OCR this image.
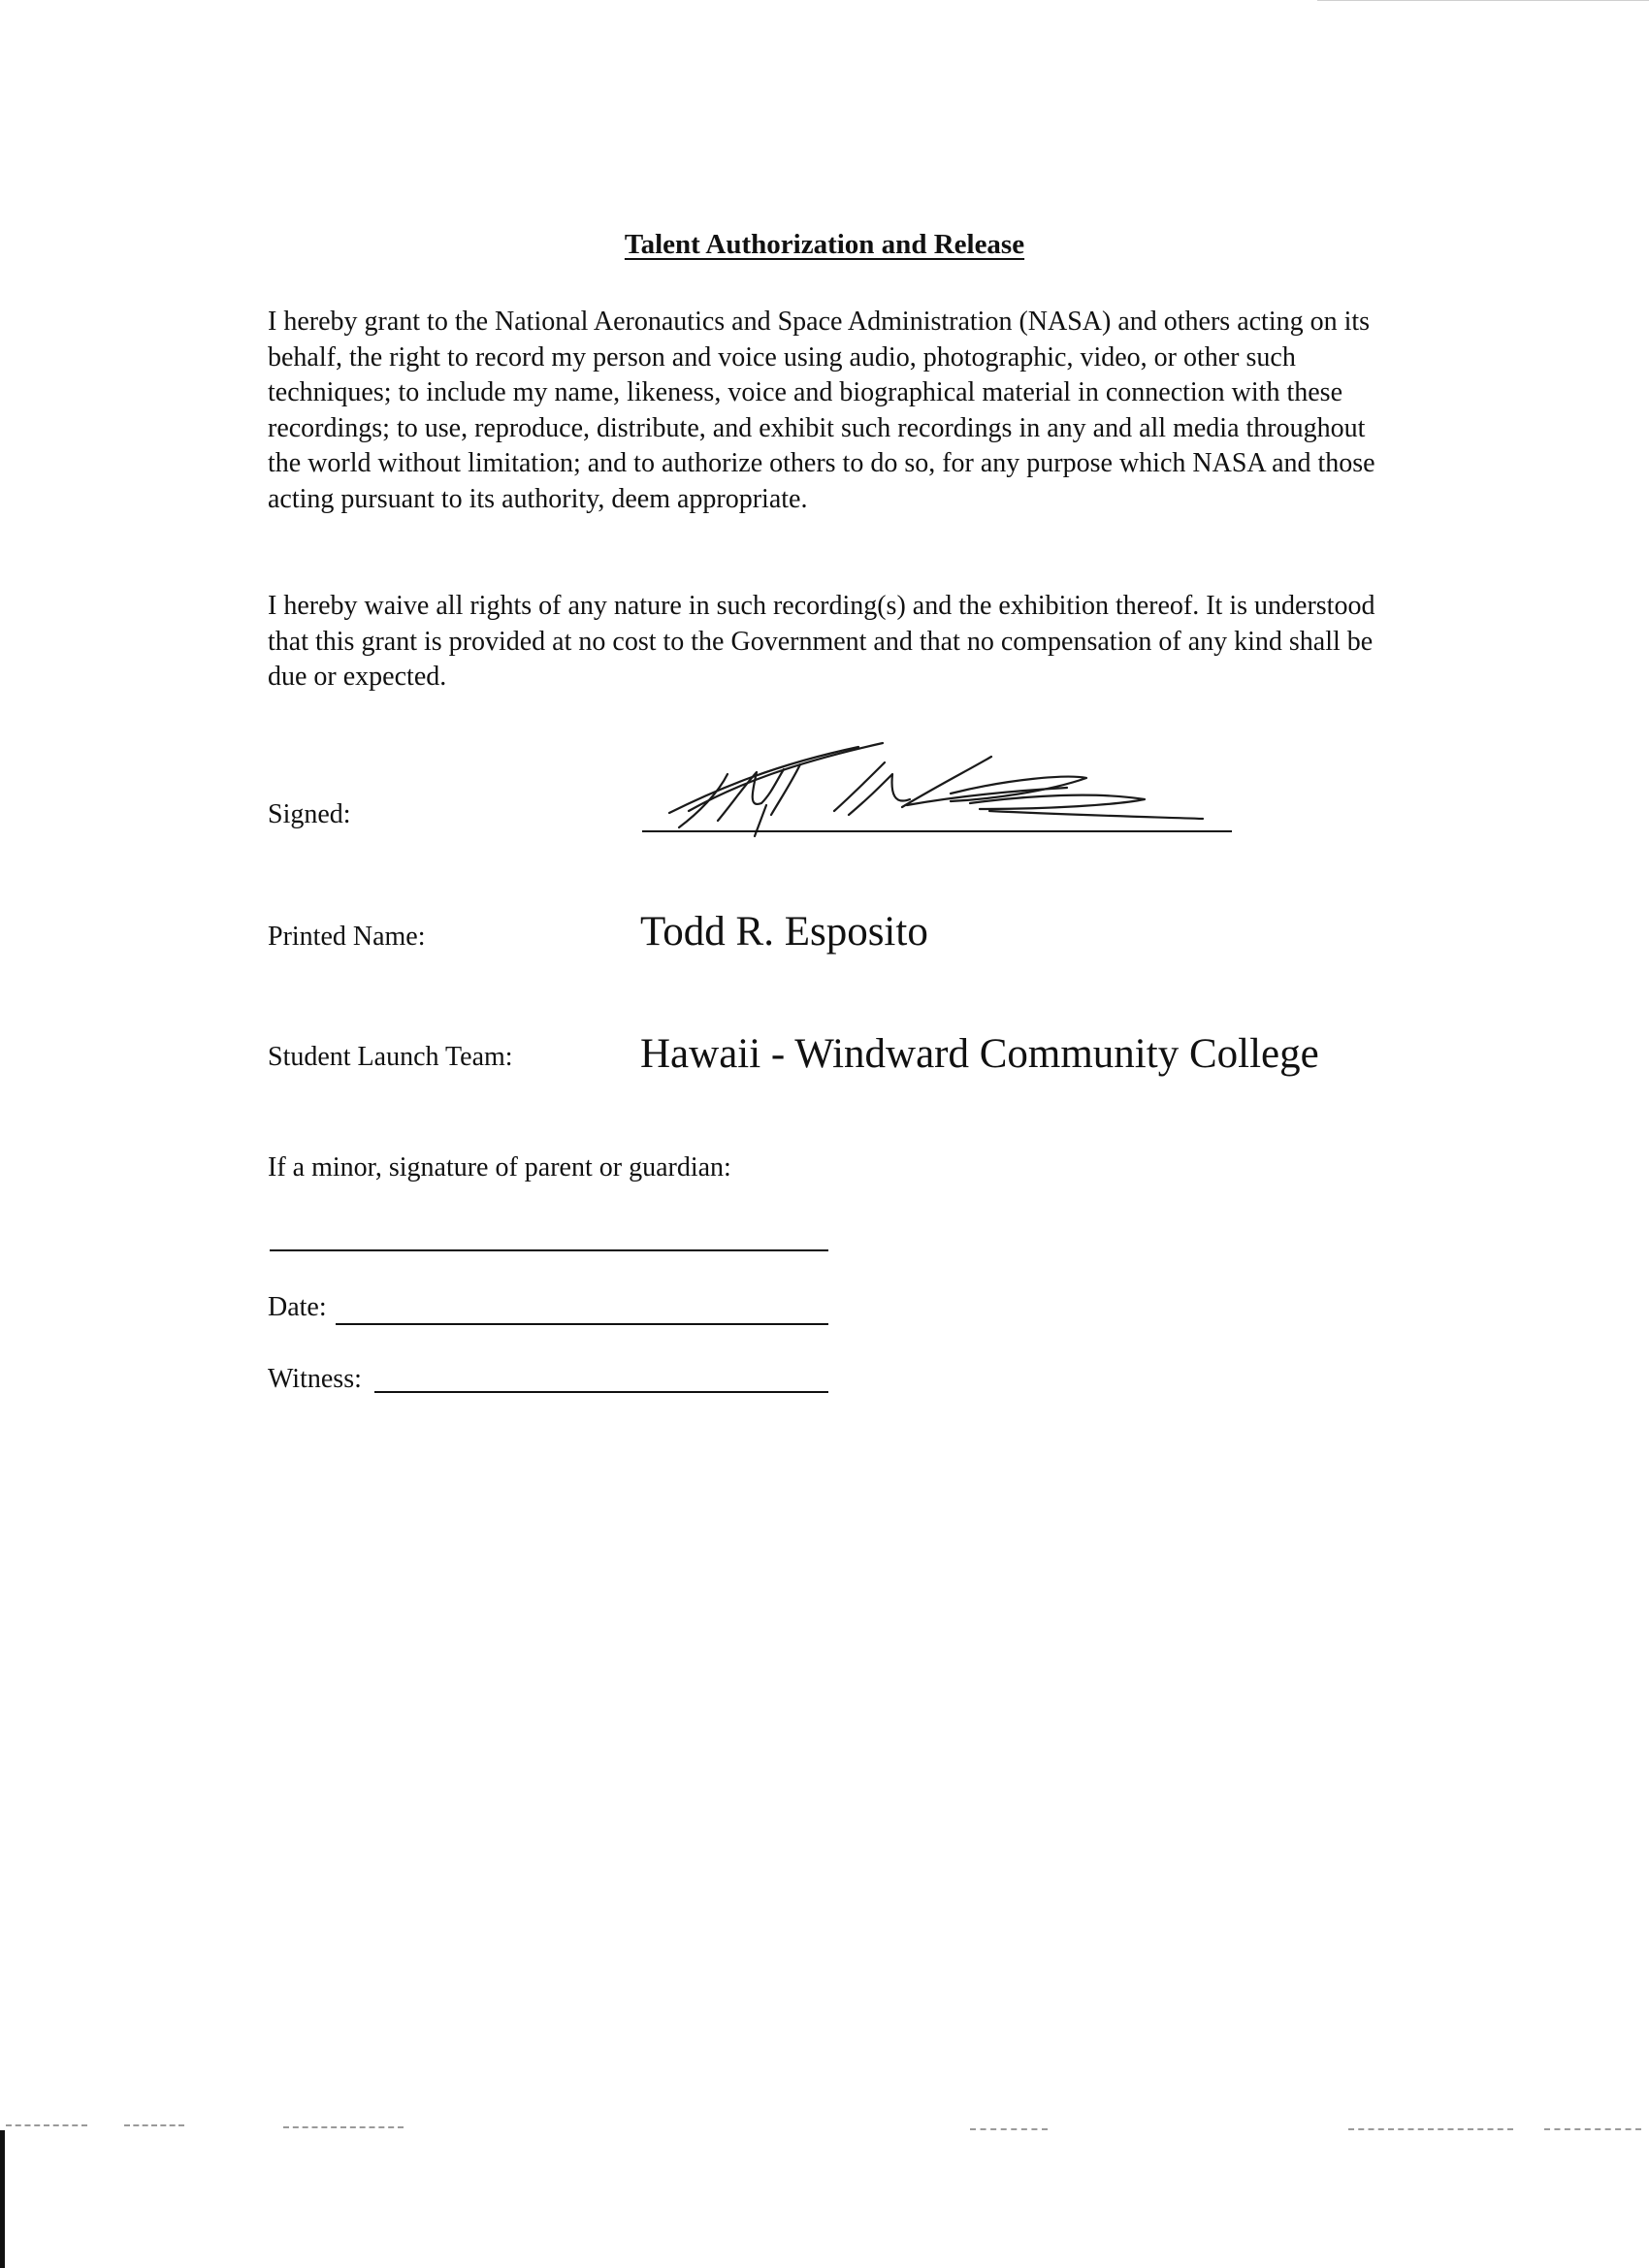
Talent Authorization and Release

I hereby grant to the National Aeronautics and Space Administration (NASA) and others acting on its behalf, the right to record my person and voice using audio, photographic, video, or other such techniques; to include my name, likeness, voice and biographical material in connection with these recordings; to use, reproduce, distribute, and exhibit such recordings in any and all media throughout the world without limitation; and to authorize others to do so, for any purpose which NASA and those acting pursuant to its authority, deem appropriate.

I hereby waive all rights of any nature in such recording(s) and the exhibition thereof. It is understood that this grant is provided at no cost to the Government and that no compensation of any kind shall be due or expected.

Signed:
Printed Name:	Todd R. Esposito
Student Launch Team:	Hawaii - Windward Community College
If a minor, signature of parent or guardian:
Date:
Witness:
